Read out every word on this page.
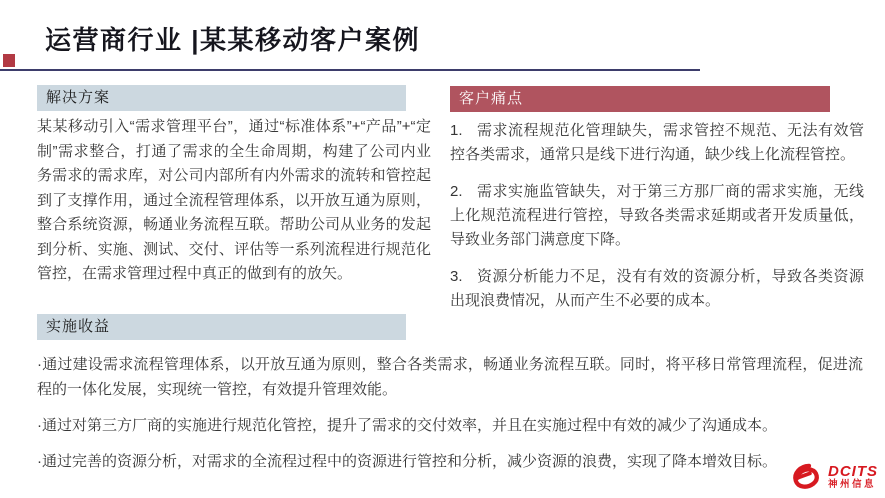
运营商行业 |某某移动客户案例
解决方案
某某移动引入“需求管理平台”，通过“标准体系”+“产品”+“定制”需求整合，打通了需求的全生命周期，构建了公司内业务需求的需求库，对公司内部所有内外需求的流转和管控起到了支撑作用，通过全流程管理体系，以开放互通为原则，整合系统资源，畅通业务流程互联。帮助公司从业务的发起到分析、实施、测试、交付、评估等一系列流程进行规范化管控，在需求管理过程中真正的做到有的放矢。
客户痛点
1. 需求流程规范化管理缺失，需求管控不规范、无法有效管控各类需求，通常只是线下进行沟通，缺少线上化流程管控。
2. 需求实施监管缺失，对于第三方那厂商的需求实施，无线上化规范流程进行管控，导致各类需求延期或者开发质量低，导致业务部门满意度下降。
3. 资源分析能力不足，没有有效的资源分析，导致各类资源出现浪费情况，从而产生不必要的成本。
实施收益
·通过建设需求流程管理体系，以开放互通为原则，整合各类需求，畅通业务流程互联。同时，将平移日常管理流程，促进流程的一体化发展，实现统一管控，有效提升管理效能。
·通过对第三方厂商的实施进行规范化管控，提升了需求的交付效率，并且在实施过程中有效的减少了沟通成本。
·通过完善的资源分析，对需求的全流程过程中的资源进行管控和分析，减少资源的浪费，实现了降本增效目标。
DCITS
神州信息
